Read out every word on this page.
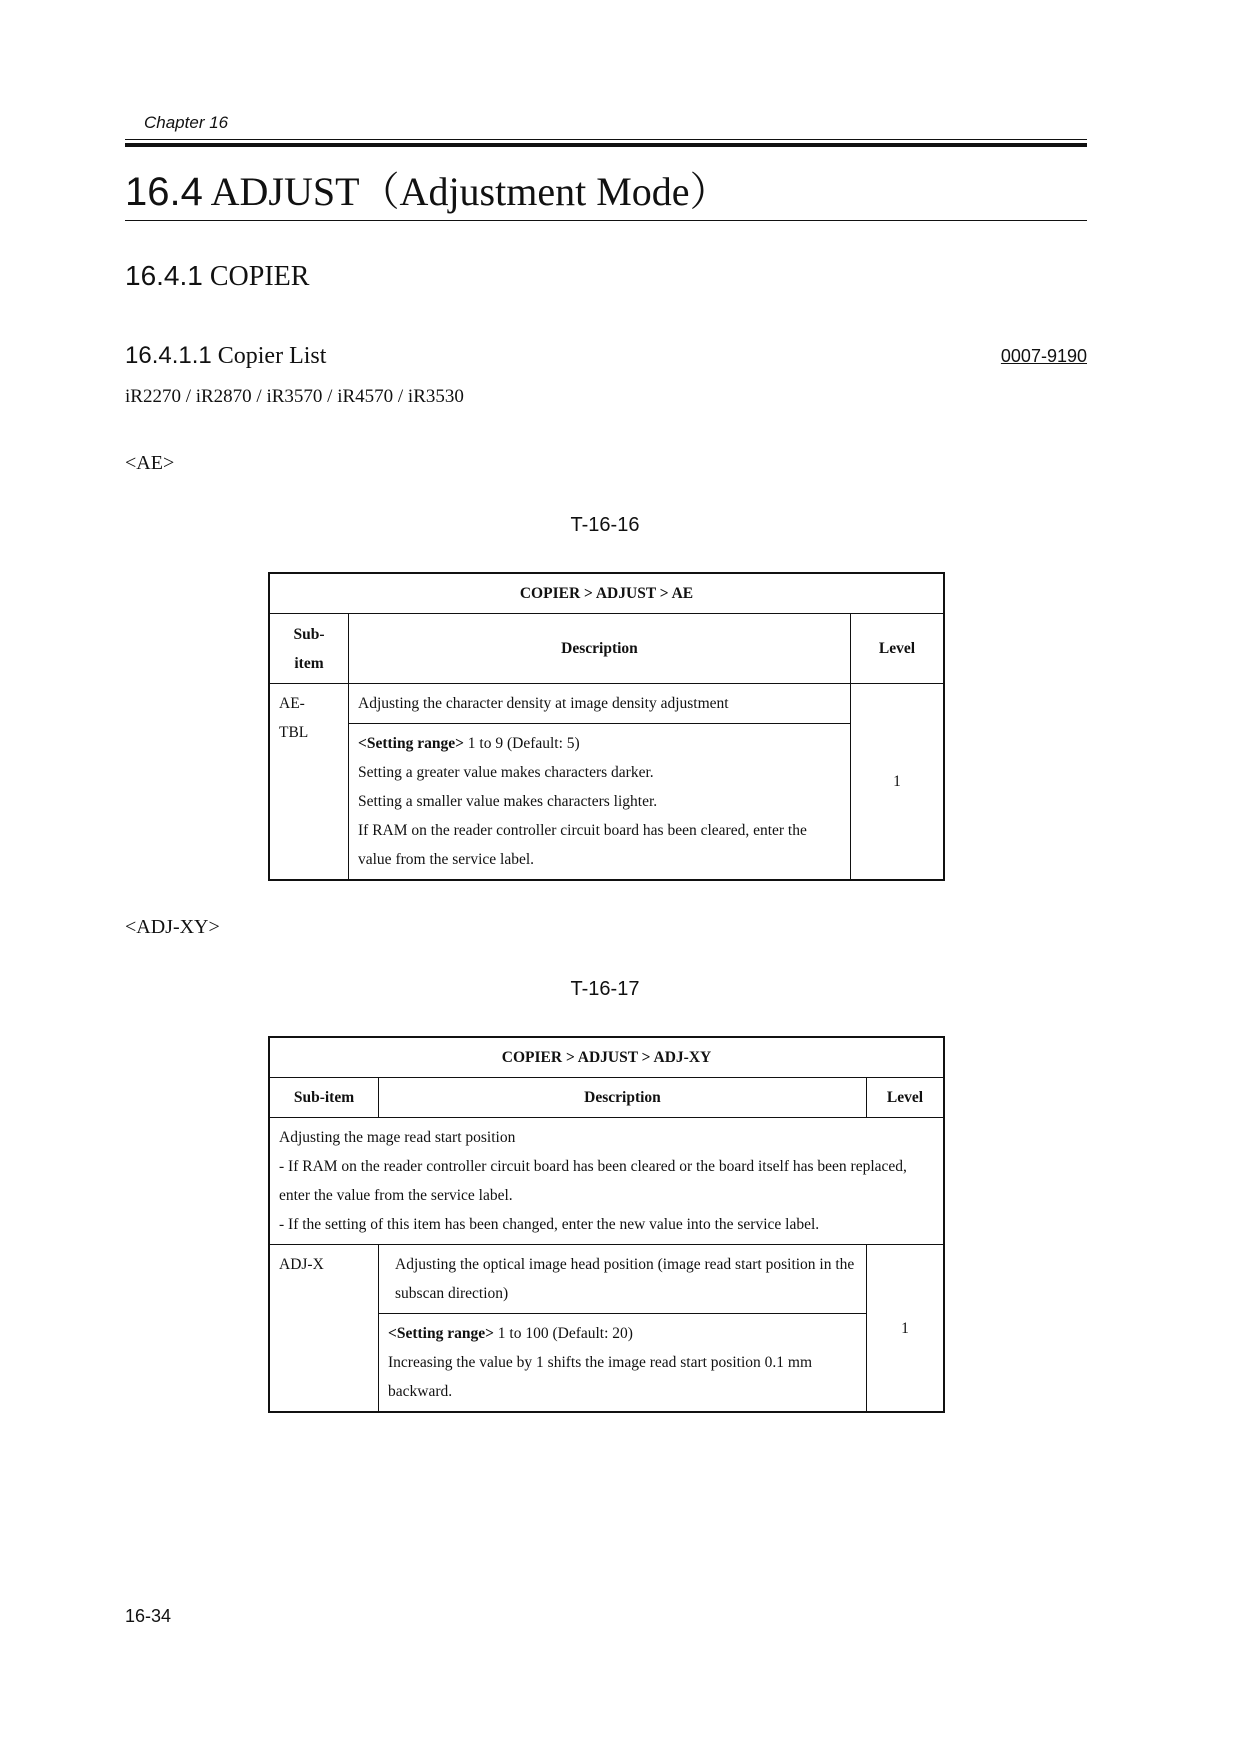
Chapter 16
16.4 ADJUST（Adjustment Mode）
16.4.1 COPIER
16.4.1.1 Copier List	0007-9190
iR2270 / iR2870 / iR3570 / iR4570 / iR3530
<AE>
T-16-16
COPIER > ADJUST > AE		

Sub-
item	Description	Level

AE-
TBL	Adjusting the character density at image density adjustment	1

	<Setting range> 1 to 9 (Default: 5)
Setting a greater value makes characters darker.
Setting a smaller value makes characters lighter.
If RAM on the reader controller circuit board has been cleared, enter the value from the service label.	
<ADJ-XY>
T-16-17
COPIER > ADJUST > ADJ-XY		
Sub-item	Description	Level

Adjusting the mage read start position
- If RAM on the reader controller circuit board has been cleared or the board itself has been replaced, enter the value from the service label.
- If the setting of this item has been changed, enter the new value into the service label.		

ADJ-X	Adjusting the optical image head position (image read start position in the subscan direction)	1

	<Setting range> 1 to 100 (Default: 20)
Increasing the value by 1 shifts the image read start position 0.1 mm backward.	
16-34
